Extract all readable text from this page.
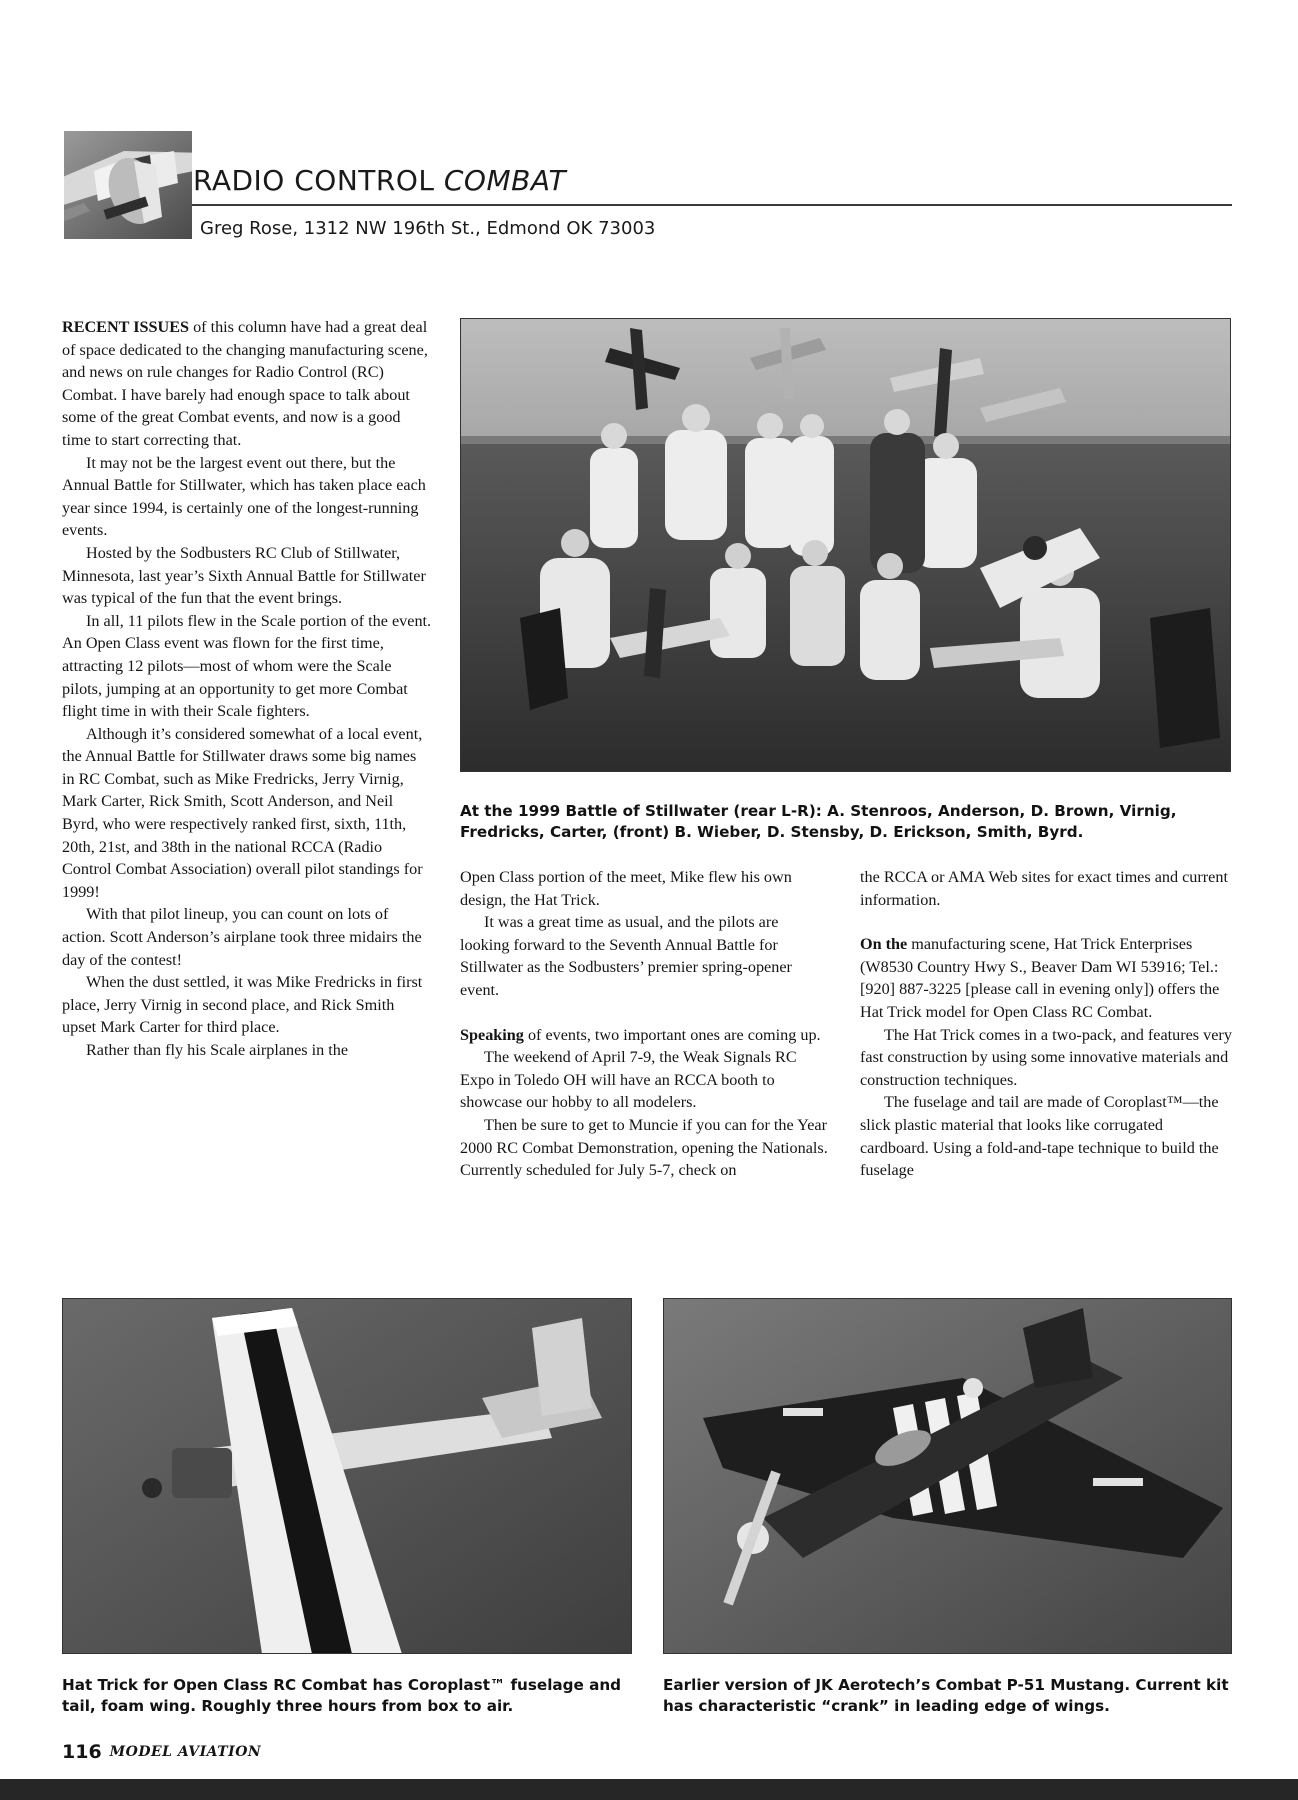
RADIO CONTROL COMBAT
Greg Rose, 1312 NW 196th St., Edmond OK 73003

RECENT ISSUES of this column have had a great deal of space dedicated to the changing manufacturing scene, and news on rule changes for Radio Control (RC) Combat. I have barely had enough space to talk about some of the great Combat events, and now is a good time to start correcting that.

It may not be the largest event out there, but the Annual Battle for Stillwater, which has taken place each year since 1994, is certainly one of the longest-running events.

Hosted by the Sodbusters RC Club of Stillwater, Minnesota, last year’s Sixth Annual Battle for Stillwater was typical of the fun that the event brings.

In all, 11 pilots flew in the Scale portion of the event. An Open Class event was flown for the first time, attracting 12 pilots—most of whom were the Scale pilots, jumping at an opportunity to get more Combat flight time in with their Scale fighters.

Although it’s considered somewhat of a local event, the Annual Battle for Stillwater draws some big names in RC Combat, such as Mike Fredricks, Jerry Virnig, Mark Carter, Rick Smith, Scott Anderson, and Neil Byrd, who were respectively ranked first, sixth, 11th, 20th, 21st, and 38th in the national RCCA (Radio Control Combat Association) overall pilot standings for 1999!

With that pilot lineup, you can count on lots of action. Scott Anderson’s airplane took three midairs the day of the contest!

When the dust settled, it was Mike Fredricks in first place, Jerry Virnig in second place, and Rick Smith upset Mark Carter for third place.

Rather than fly his Scale airplanes in the

At the 1999 Battle of Stillwater (rear L-R): A. Stenroos, Anderson, D. Brown, Virnig, Fredricks, Carter, (front) B. Wieber, D. Stensby, D. Erickson, Smith, Byrd.

Open Class portion of the meet, Mike flew his own design, the Hat Trick.

It was a great time as usual, and the pilots are looking forward to the Seventh Annual Battle for Stillwater as the Sodbusters’ premier spring-opener event.

Speaking of events, two important ones are coming up.

The weekend of April 7-9, the Weak Signals RC Expo in Toledo OH will have an RCCA booth to showcase our hobby to all modelers.

Then be sure to get to Muncie if you can for the Year 2000 RC Combat Demonstration, opening the Nationals. Currently scheduled for July 5-7, check on

the RCCA or AMA Web sites for exact times and current information.

On the manufacturing scene, Hat Trick Enterprises (W8530 Country Hwy S., Beaver Dam WI 53916; Tel.: [920] 887-3225 [please call in evening only]) offers the Hat Trick model for Open Class RC Combat.

The Hat Trick comes in a two-pack, and features very fast construction by using some innovative materials and construction techniques.

The fuselage and tail are made of Coroplast™—the slick plastic material that looks like corrugated cardboard. Using a fold-and-tape technique to build the fuselage

Hat Trick for Open Class RC Combat has Coroplast™ fuselage and tail, foam wing. Roughly three hours from box to air.
Earlier version of JK Aerotech’s Combat P-51 Mustang. Current kit has characteristic “crank” in leading edge of wings.
116 MODEL AVIATION
